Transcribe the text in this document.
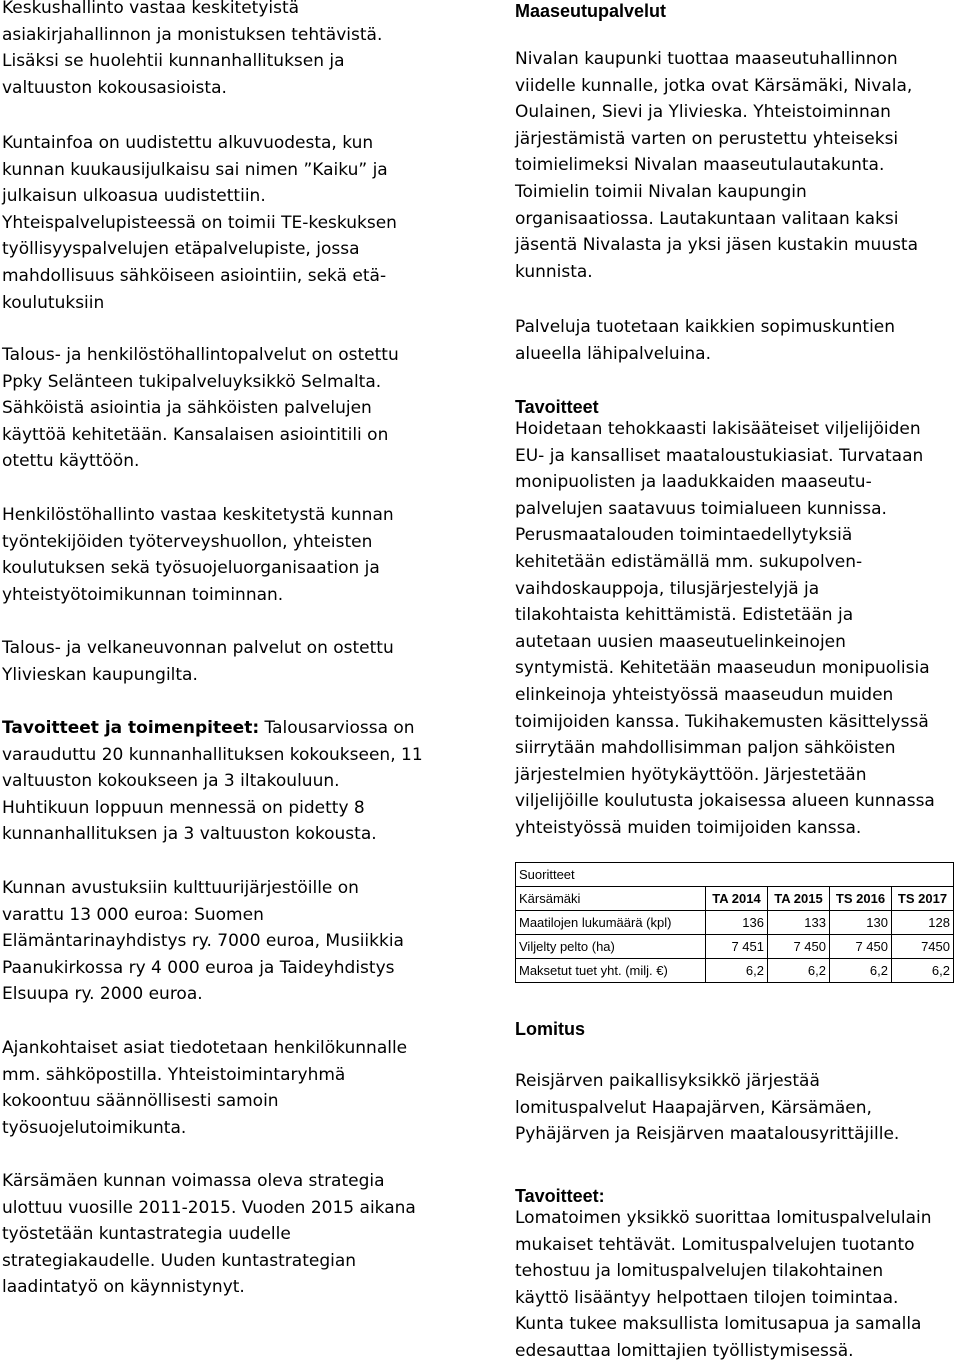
Keskushallinto vastaa keskitetyistä
asiakirjahallinnon ja monistuksen tehtävistä.
Lisäksi se huolehtii kunnanhallituksen ja
valtuuston kokousasioista.

Kuntainfoa on uudistettu alkuvuodesta, kun
kunnan kuukausijulkaisu sai nimen ”Kaiku” ja
julkaisun ulkoasua uudistettiin.
Yhteispalvelupisteessä on toimii TE-keskuksen
työllisyyspalvelujen etäpalvelupiste, jossa
mahdollisuus sähköiseen asiointiin, sekä etä-
koulutuksiin

Talous- ja henkilöstöhallintopalvelut on ostettu
Ppky Selänteen tukipalveluyksikkö Selmalta.
Sähköistä asiointia ja sähköisten palvelujen
käyttöä kehitetään. Kansalaisen asiointitili on
otettu käyttöön.

Henkilöstöhallinto vastaa keskitetystä kunnan
työntekijöiden työterveyshuollon, yhteisten
koulutuksen sekä työsuojeluorganisaation ja
yhteistyötoimikunnan toiminnan.

Talous- ja velkaneuvonnan palvelut on ostettu
Ylivieskan kaupungilta.

Tavoitteet ja toimenpiteet: Talousarviossa on
varauduttu 20 kunnanhallituksen kokoukseen, 11
valtuuston kokoukseen ja 3 iltakouluun.
Huhtikuun loppuun mennessä on pidetty 8
kunnanhallituksen ja 3 valtuuston kokousta.

Kunnan avustuksiin kulttuurijärjestöille on
varattu 13 000 euroa: Suomen
Elämäntarinayhdistys ry. 7000 euroa, Musiikkia
Paanukirkossa ry 4 000 euroa ja Taideyhdistys
Elsuupa ry. 2000 euroa.

Ajankohtaiset asiat tiedotetaan henkilökunnalle
mm. sähköpostilla. Yhteistoimintaryhmä
kokoontuu säännöllisesti samoin
työsuojelutoimikunta.

Kärsämäen kunnan voimassa oleva strategia
ulottuu vuosille 2011-2015. Vuoden 2015 aikana
työstetään kuntastrategia uudelle
strategiakaudelle. Uuden kuntastrategian
laadintatyö on käynnistynyt.

Maaseutupalvelut

Nivalan kaupunki tuottaa maaseutuhallinnon
viidelle kunnalle, jotka ovat Kärsämäki, Nivala,
Oulainen, Sievi ja Ylivieska. Yhteistoiminnan
järjestämistä varten on perustettu yhteiseksi
toimielimeksi Nivalan maaseutulautakunta.
Toimielin toimii Nivalan kaupungin
organisaatiossa. Lautakuntaan valitaan kaksi
jäsentä Nivalasta ja yksi jäsen kustakin muusta
kunnista.

Palveluja tuotetaan kaikkien sopimuskuntien
alueella lähipalveluina.

Tavoitteet

Hoidetaan tehokkaasti lakisääteiset viljelijöiden
EU- ja kansalliset maataloustukiasiat. Turvataan
monipuolisten ja laadukkaiden maaseutu-
palvelujen saatavuus toimialueen kunnissa.
Perusmaatalouden toimintaedellytyksiä
kehitetään edistämällä mm. sukupolven-
vaihdoskauppoja, tilusjärjestelyjä ja
tilakohtaista kehittämistä. Edistetään ja
autetaan uusien maaseutuelinkeinojen
syntymistä. Kehitetään maaseudun monipuolisia
elinkeinoja yhteistyössä maaseudun muiden
toimijoiden kanssa. Tukihakemusten käsittelyssä
siirrytään mahdollisimman paljon sähköisten
järjestelmien hyötykäyttöön. Järjestetään
viljelijöille koulutusta jokaisessa alueen kunnassa
yhteistyössä muiden toimijoiden kanssa.

Lomitus

Reisjärven paikallisyksikkö järjestää
lomituspalvelut Haapajärven, Kärsämäen,
Pyhäjärven ja Reisjärven maatalousyrittäjille.

Tavoitteet:

Lomatoimen yksikkö suorittaa lomituspalvelulain
mukaiset tehtävät. Lomituspalvelujen tuotanto
tehostuu ja lomituspalvelujen tilakohtainen
käyttö lisääntyy helpottaen tilojen toimintaa.
Kunta tukee maksullista lomitusapua ja samalla
edesauttaa lomittajien työllistymisessä.

Suoritteet				
Kärsämäki	TA 2014	TA 2015	TS 2016	TS 2017
Maatilojen lukumäärä (kpl)	136	133	130	128
Viljelty pelto (ha)	7 451	7 450	7 450	7450
Maksetut tuet yht. (milj. €)	6,2	6,2	6,2	6,2
